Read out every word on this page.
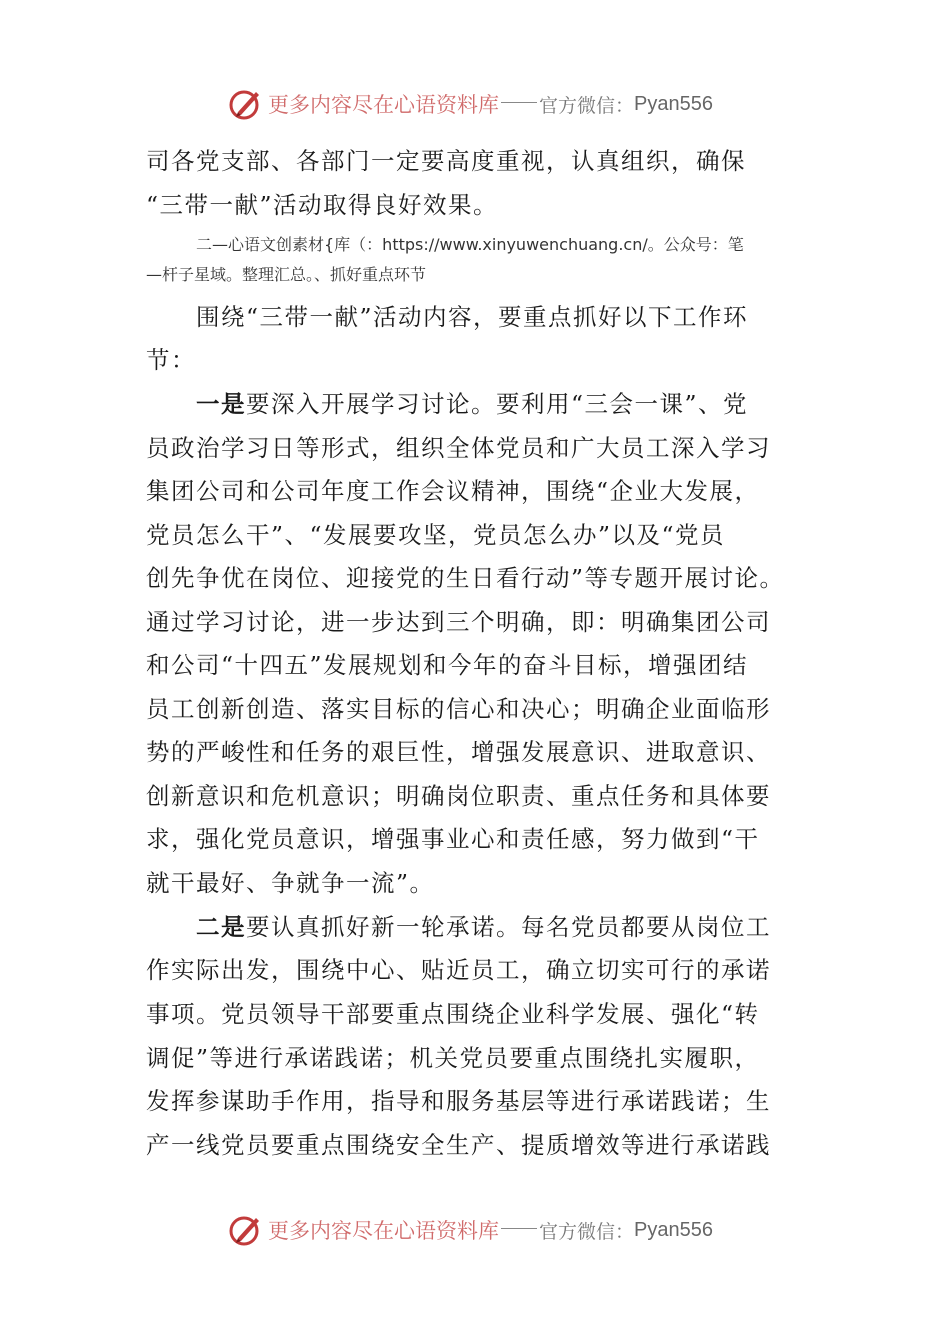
更多内容尽在心语资料库 官方微信： Pyan556
司各党支部、各部门一定要高度重视，认真组织，确保
“三带一献”活动取得良好效果。
二—心语文创素材{库（：https://www.xinyuwenchuang.cn/。公众号：笔
—杆子星域。整理汇总。、抓好重点环节
围绕“三带一献”活动内容，要重点抓好以下工作环
节：
一是要深入开展学习讨论。要利用“三会一课”、党
员政治学习日等形式，组织全体党员和广大员工深入学习
集团公司和公司年度工作会议精神，围绕“企业大发展，
党员怎么干”、“发展要攻坚，党员怎么办”以及“党员
创先争优在岗位、迎接党的生日看行动”等专题开展讨论。
通过学习讨论，进一步达到三个明确，即：明确集团公司
和公司“十四五”发展规划和今年的奋斗目标，增强团结
员工创新创造、落实目标的信心和决心；明确企业面临形
势的严峻性和任务的艰巨性，增强发展意识、进取意识、
创新意识和危机意识；明确岗位职责、重点任务和具体要
求，强化党员意识，增强事业心和责任感，努力做到“干
就干最好、争就争一流”。
二是要认真抓好新一轮承诺。每名党员都要从岗位工
作实际出发，围绕中心、贴近员工，确立切实可行的承诺
事项。党员领导干部要重点围绕企业科学发展、强化“转
调促”等进行承诺践诺；机关党员要重点围绕扎实履职，
发挥参谋助手作用，指导和服务基层等进行承诺践诺；生
产一线党员要重点围绕安全生产、提质增效等进行承诺践
更多内容尽在心语资料库 官方微信： Pyan556
